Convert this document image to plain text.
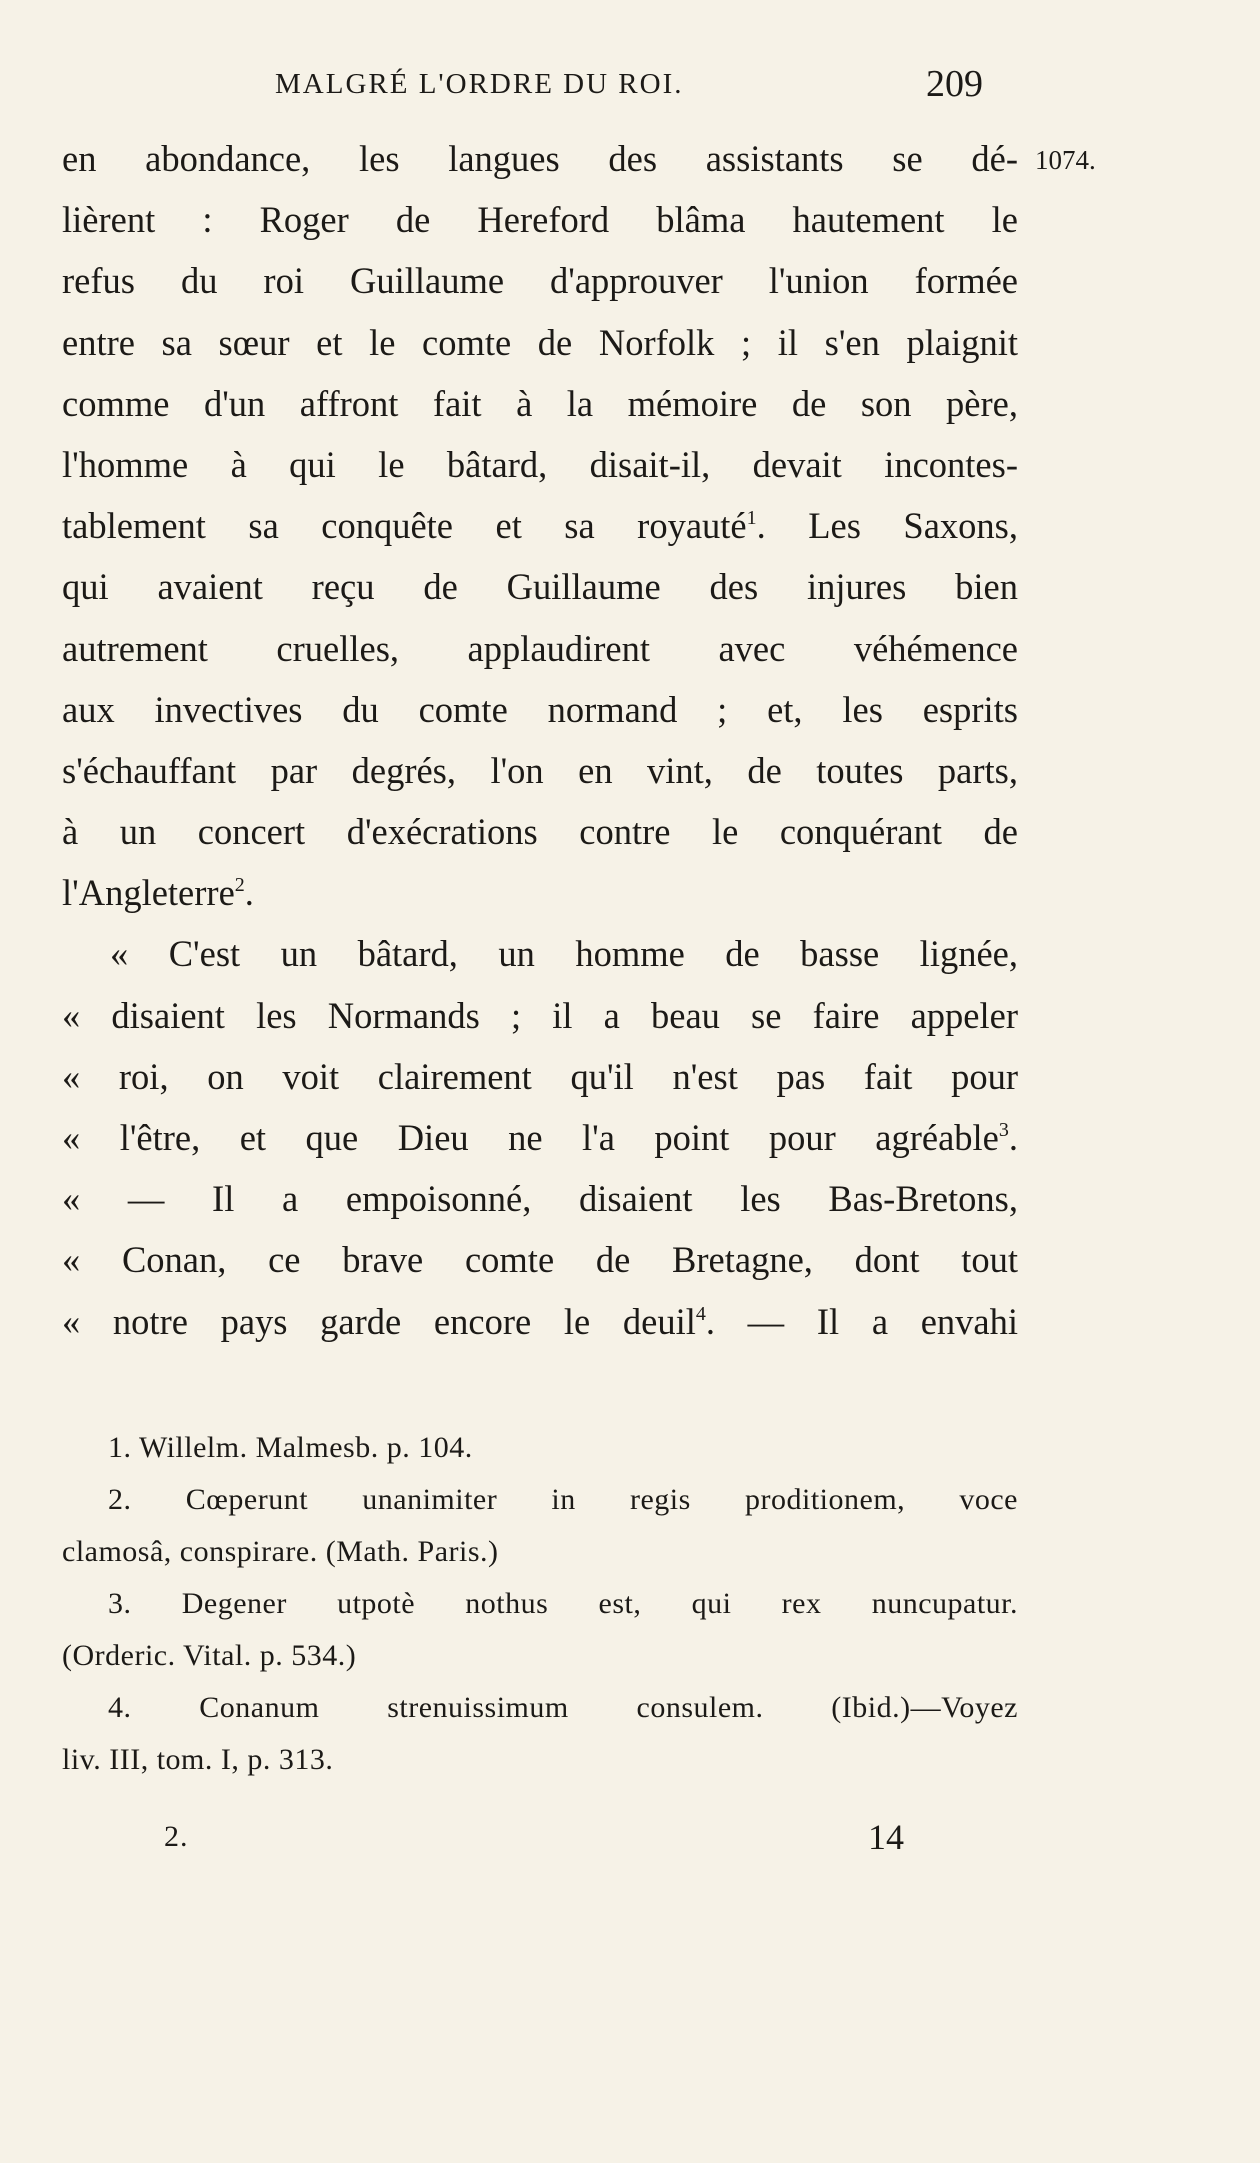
MALGRÉ L'ORDRE DU ROI.	209
1074.
en abondance, les langues des assistants se dé-
lièrent : Roger de Hereford blâma hautement le
refus du roi Guillaume d'approuver l'union formée
entre sa sœur et le comte de Norfolk ; il s'en plaignit
comme d'un affront fait à la mémoire de son père,
l'homme à qui le bâtard, disait-il, devait incontes-
tablement sa conquête et sa royauté$^1$. Les Saxons,
qui avaient reçu de Guillaume des injures bien
autrement cruelles, applaudirent avec véhémence
aux invectives du comte normand ; et, les esprits
s'échauffant par degrés, l'on en vint, de toutes parts,
à un concert d'exécrations contre le conquérant de
l'Angleterre$^2$.
« C'est un bâtard, un homme de basse lignée,
« disaient les Normands ; il a beau se faire appeler
« roi, on voit clairement qu'il n'est pas fait pour
« l'être, et que Dieu ne l'a point pour agréable$^3$.
« — Il a empoisonné, disaient les Bas-Bretons,
« Conan, ce brave comte de Bretagne, dont tout
« notre pays garde encore le deuil$^4$. — Il a envahi
1. Willelm. Malmesb. p. 104.
2. Cœperunt unanimiter in regis proditionem, voce
clamosâ, conspirare. (Math. Paris.)
3. Degener utpotè nothus est, qui rex nuncupatur.
(Orderic. Vital. p. 534.)
4. Conanum strenuissimum consulem. (Ibid.)—Voyez
liv. III, tom. I, p. 313.
2.	14
